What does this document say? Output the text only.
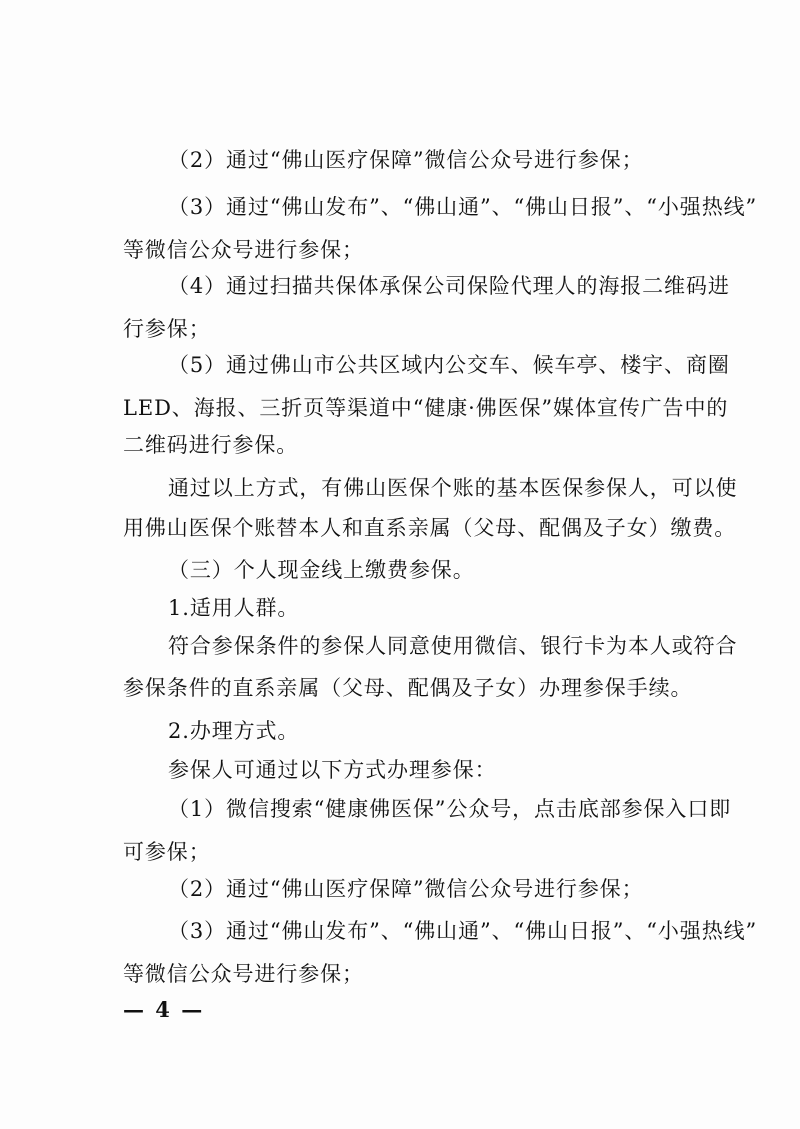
（2）通过“佛山医疗保障”微信公众号进行参保；
（3）通过“佛山发布”、“佛山通”、“佛山日报”、“小强热线”
等微信公众号进行参保；
（4）通过扫描共保体承保公司保险代理人的海报二维码进
行参保；
（5）通过佛山市公共区域内公交车、候车亭、楼宇、商圈
LED、海报、三折页等渠道中“健康·佛医保”媒体宣传广告中的
二维码进行参保。
通过以上方式，有佛山医保个账的基本医保参保人，可以使
用佛山医保个账替本人和直系亲属（父母、配偶及子女）缴费。
（三）个人现金线上缴费参保。
1.适用人群。
符合参保条件的参保人同意使用微信、银行卡为本人或符合
参保条件的直系亲属（父母、配偶及子女）办理参保手续。
2.办理方式。
参保人可通过以下方式办理参保：
（1）微信搜索“健康佛医保”公众号，点击底部参保入口即
可参保；
（2）通过“佛山医疗保障”微信公众号进行参保；
（3）通过“佛山发布”、“佛山通”、“佛山日报”、“小强热线”
等微信公众号进行参保；
— 4 —
